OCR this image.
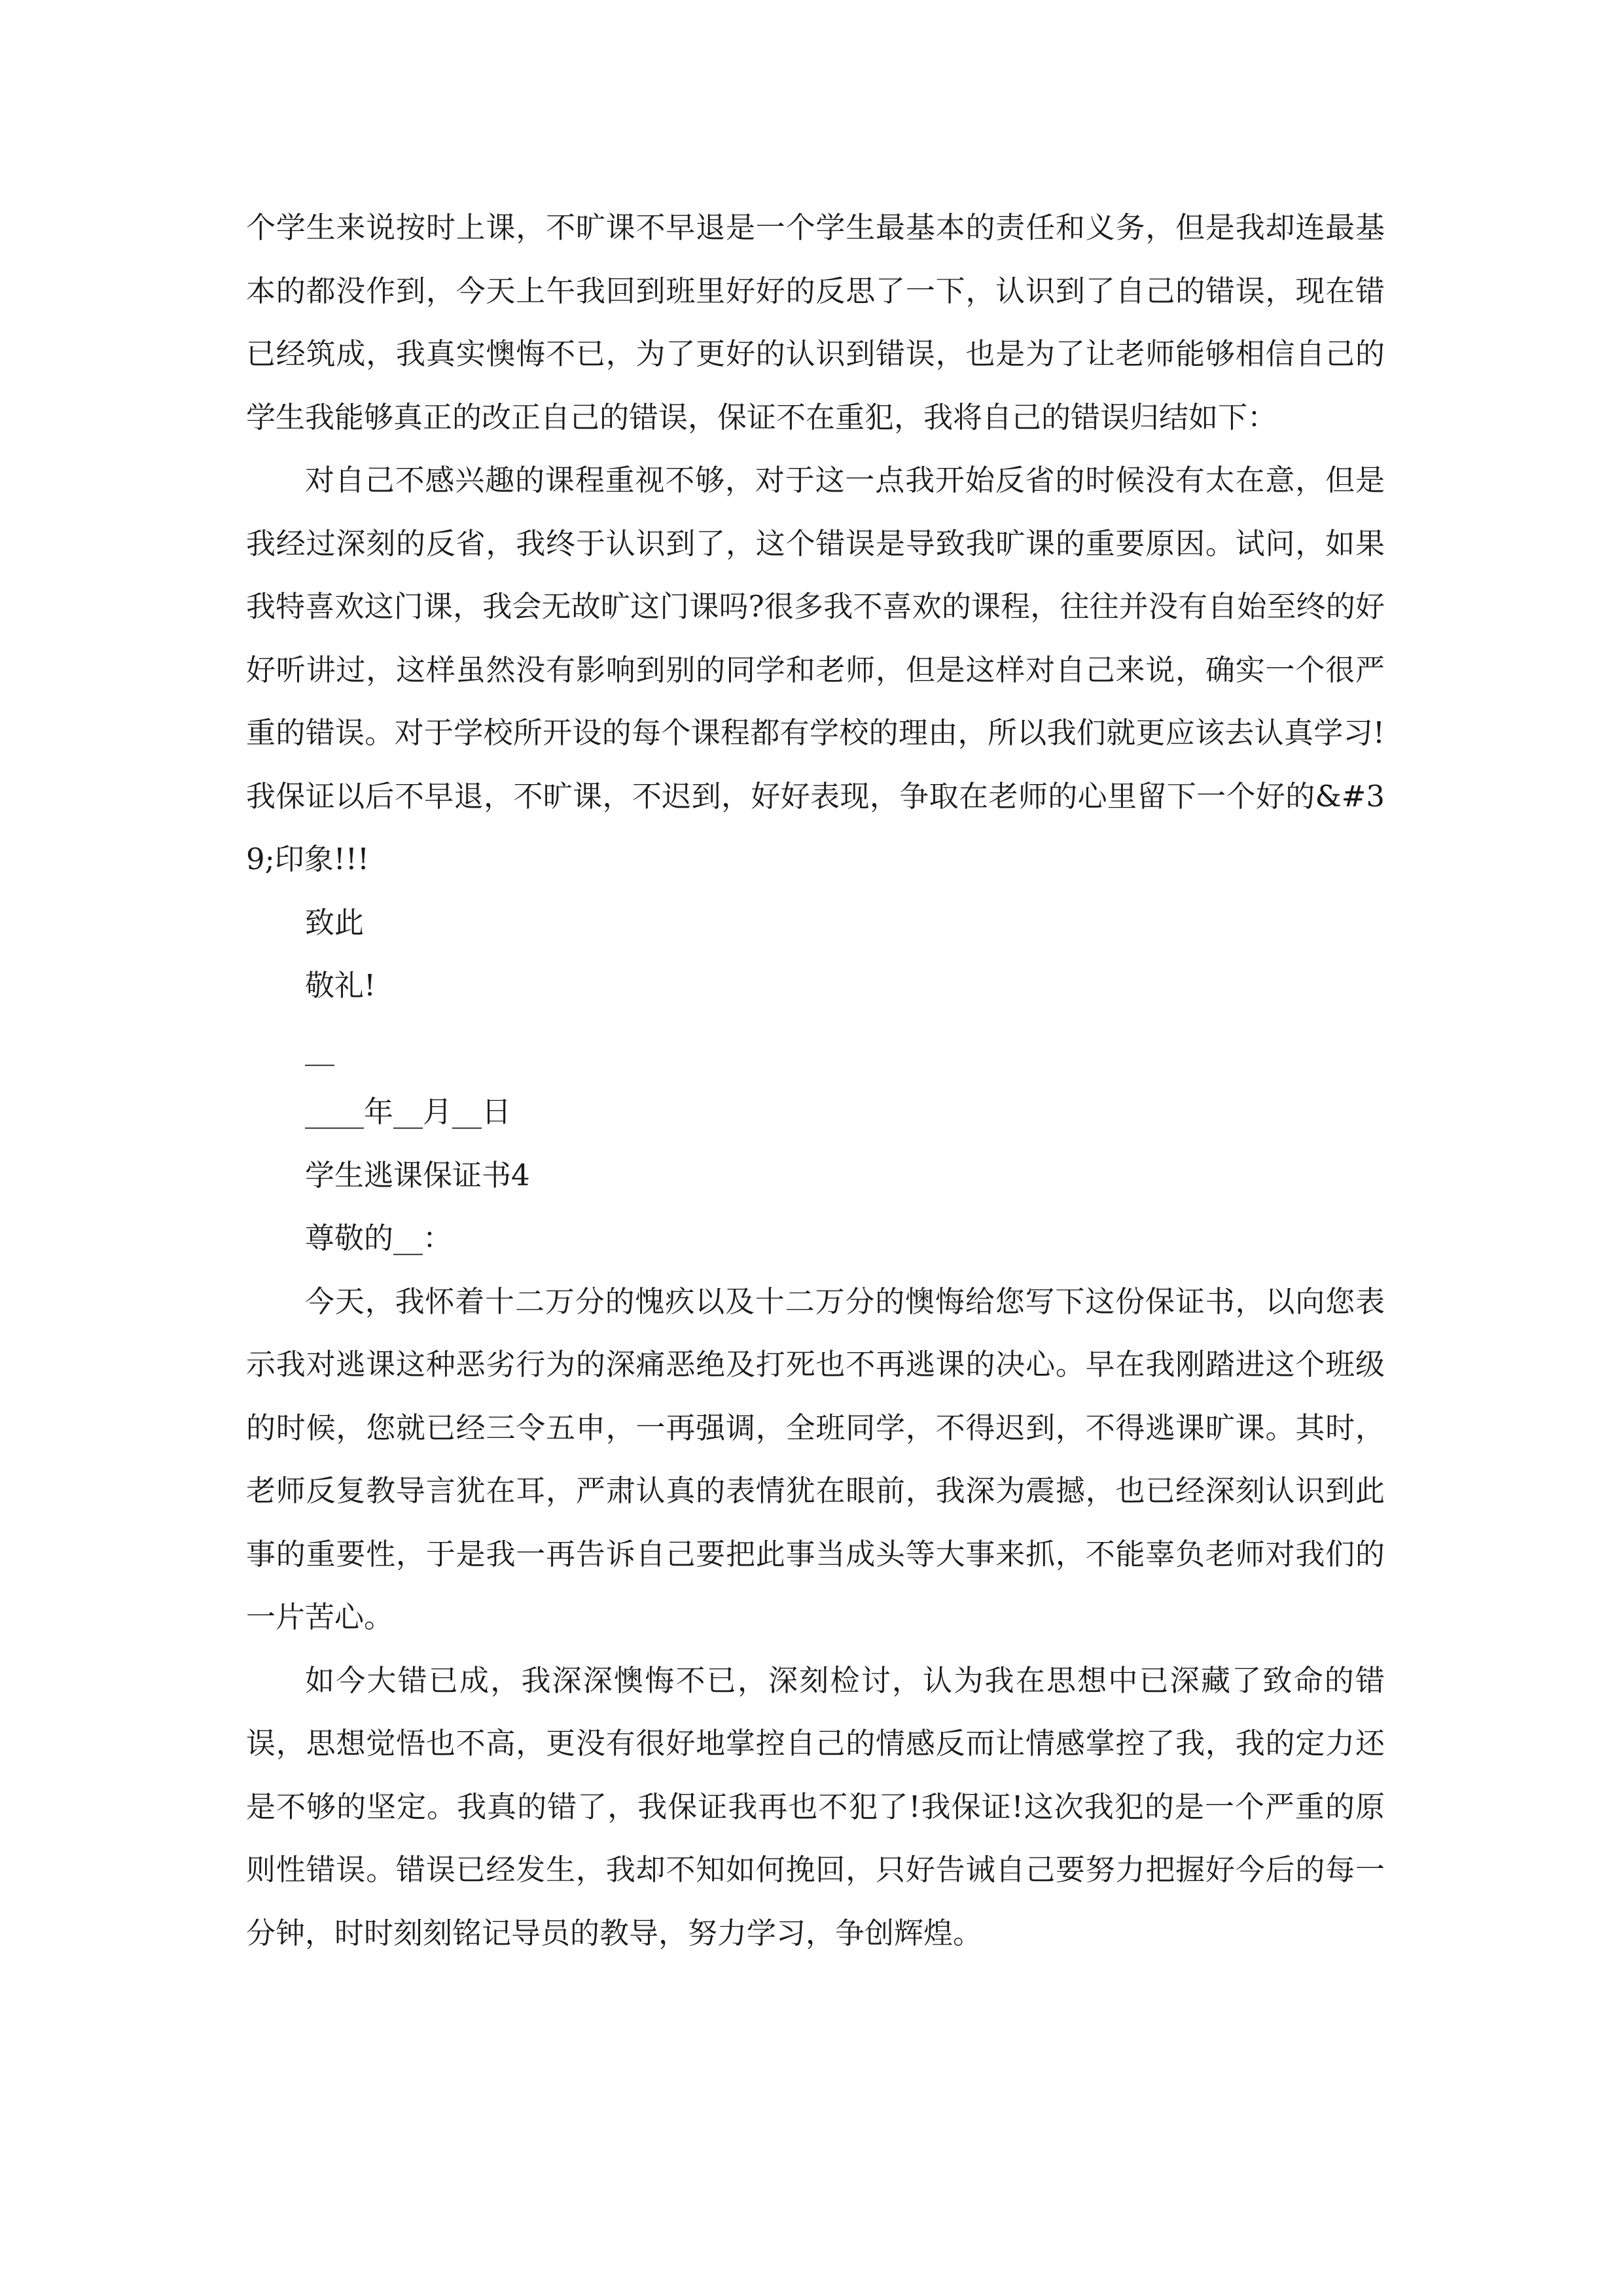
个学生来说按时上课，不旷课不早退是一个学生最基本的责任和义务，但是我却连最基本的都没作到，今天上午我回到班里好好的反思了一下，认识到了自己的错误，现在错已经筑成，我真实懊悔不已，为了更好的认识到错误，也是为了让老师能够相信自己的学生我能够真正的改正自己的错误，保证不在重犯，我将自己的错误归结如下：

对自己不感兴趣的课程重视不够，对于这一点我开始反省的时候没有太在意，但是我经过深刻的反省，我终于认识到了，这个错误是导致我旷课的重要原因。试问，如果我特喜欢这门课，我会无故旷这门课吗?很多我不喜欢的课程，往往并没有自始至终的好好听讲过，这样虽然没有影响到别的同学和老师，但是这样对自己来说，确实一个很严重的错误。对于学校所开设的每个课程都有学校的理由，所以我们就更应该去认真学习!我保证以后不早退，不旷课，不迟到，好好表现，争取在老师的心里留下一个好的&#39;印象!!!

致此

敬礼!

__

____年__月__日

学生逃课保证书4

尊敬的__：

今天，我怀着十二万分的愧疚以及十二万分的懊悔给您写下这份保证书，以向您表示我对逃课这种恶劣行为的深痛恶绝及打死也不再逃课的决心。早在我刚踏进这个班级的时候，您就已经三令五申，一再强调，全班同学，不得迟到，不得逃课旷课。其时，老师反复教导言犹在耳，严肃认真的表情犹在眼前，我深为震撼，也已经深刻认识到此事的重要性，于是我一再告诉自己要把此事当成头等大事来抓，不能辜负老师对我们的一片苦心。

如今大错已成，我深深懊悔不已，深刻检讨，认为我在思想中已深藏了致命的错误，思想觉悟也不高，更没有很好地掌控自己的情感反而让情感掌控了我，我的定力还是不够的坚定。我真的错了，我保证我再也不犯了!我保证!这次我犯的是一个严重的原则性错误。错误已经发生，我却不知如何挽回，只好告诫自己要努力把握好今后的每一分钟，时时刻刻铭记导员的教导，努力学习，争创辉煌。
